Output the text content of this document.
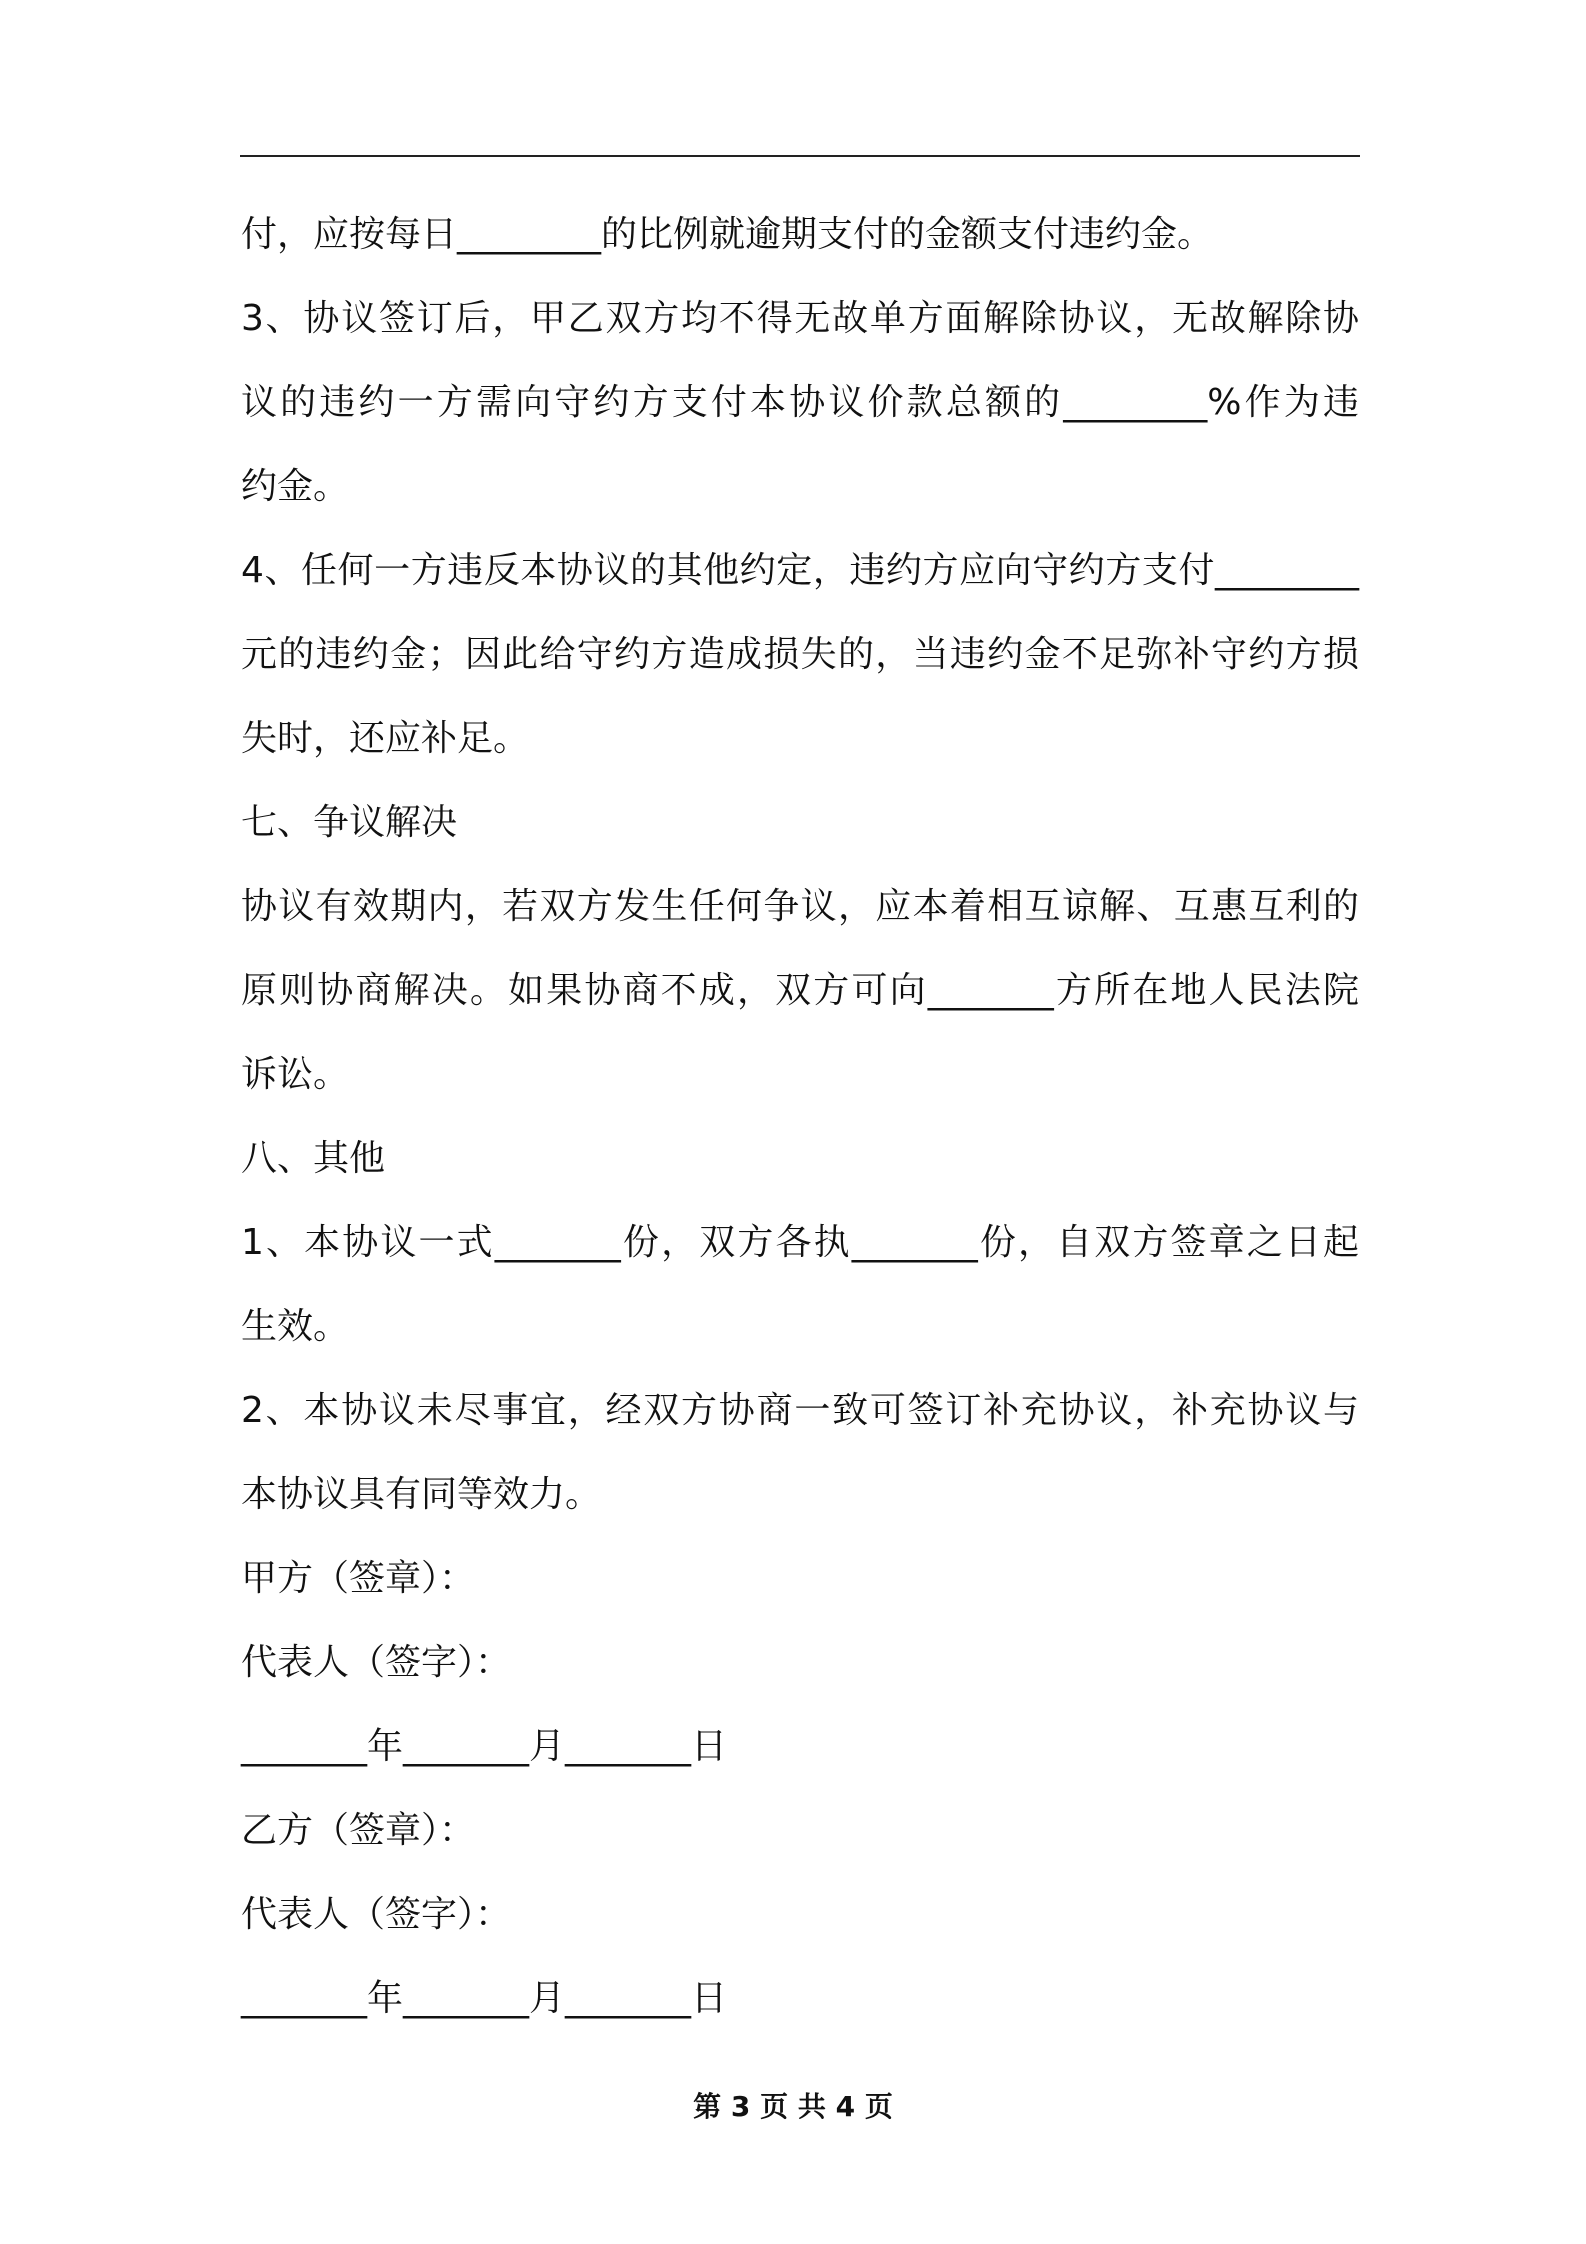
付，应按每日________的比例就逾期支付的金额支付违约金。
3、协议签订后，甲乙双方均不得无故单方面解除协议，无故解除协
议的违约一方需向守约方支付本协议价款总额的________%作为违
约金。
4、任何一方违反本协议的其他约定，违约方应向守约方支付________
元的违约金；因此给守约方造成损失的，当违约金不足弥补守约方损
失时，还应补足。
七、争议解决
协议有效期内，若双方发生任何争议，应本着相互谅解、互惠互利的
原则协商解决。如果协商不成，双方可向_______方所在地人民法院
诉讼。
八、其他
1、本协议一式_______份，双方各执_______份，自双方签章之日起
生效。
2、本协议未尽事宜，经双方协商一致可签订补充协议，补充协议与
本协议具有同等效力。
甲方（签章）：
代表人（签字）：
_______年_______月_______日
乙方（签章）：
代表人（签字）：
_______年_______月_______日
第 3 页 共 4 页
